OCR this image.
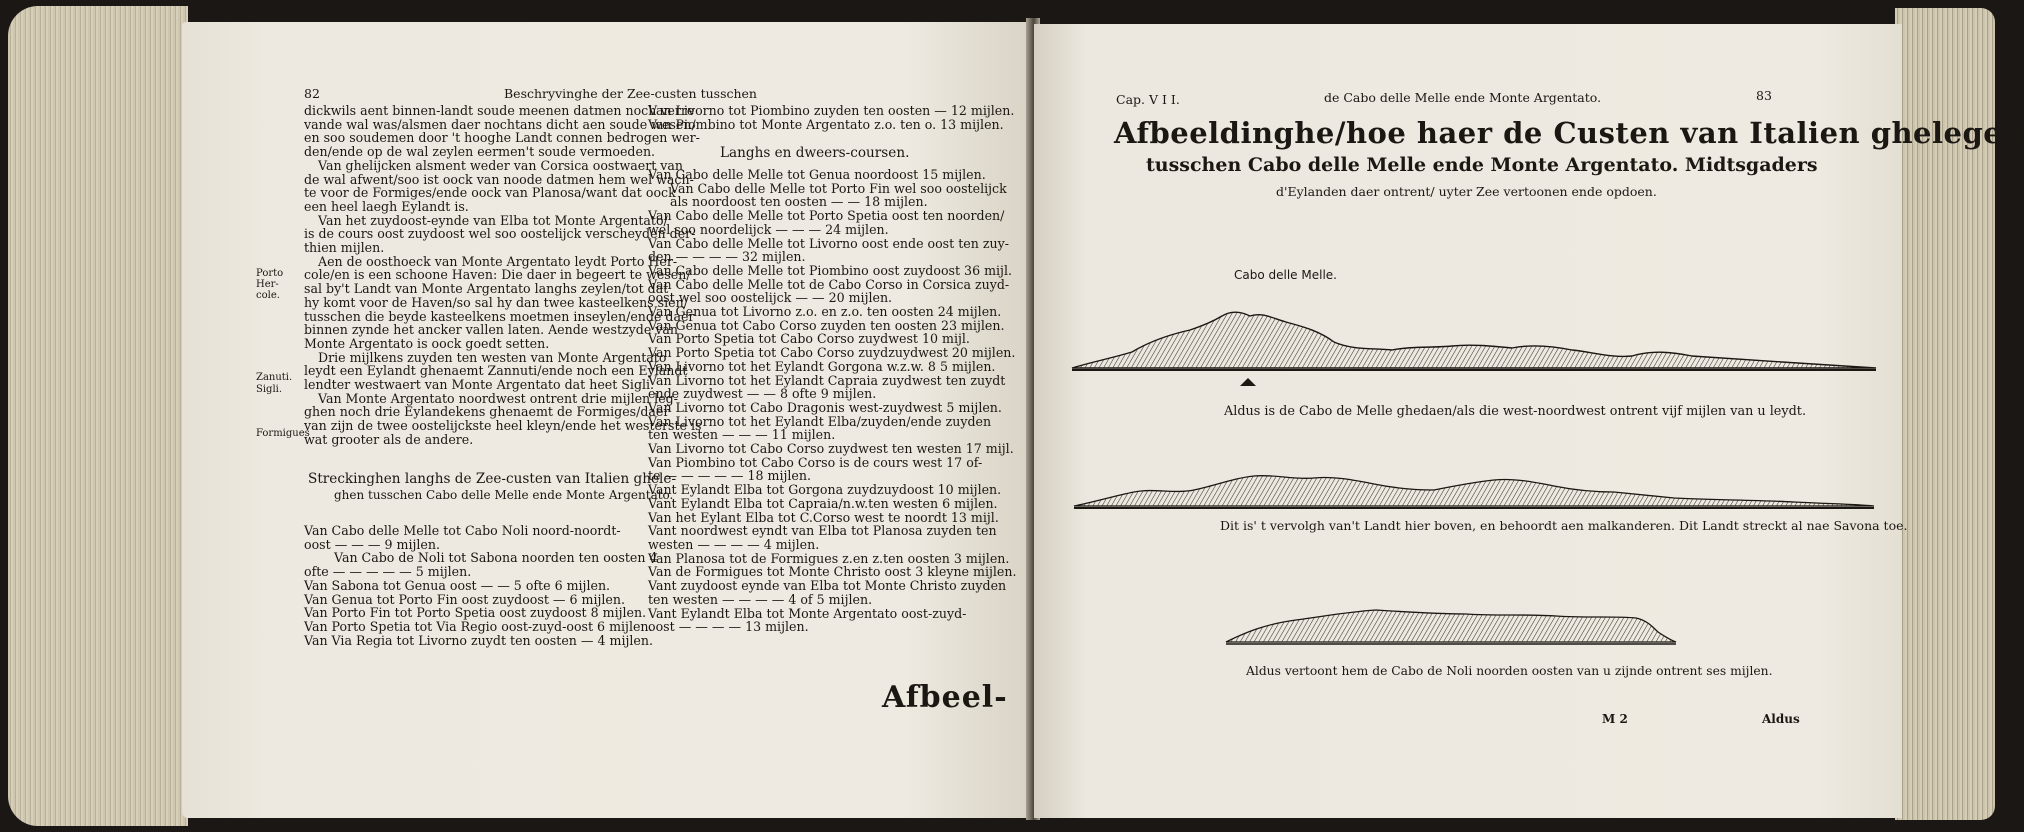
82	Beschryvinghe der Zee-custen tusschen
dickwils aent binnen-landt soude meenen datmen noch verre
vande wal was/alsmen daer nochtans dicht aen soude wesen/
en soo soudemen door 't hooghe Landt connen bedrogen wer-
den/ende op de wal zeylen eermen't soude vermoeden.
Van ghelijcken alsment weder van Corsica oostwaert van
de wal afwent/soo ist oock van noode datmen hem wel wach-
te voor de Formiges/ende oock van Planosa/want dat oock
een heel laegh Eylandt is.
Van het zuydoost-eynde van Elba tot Monte Argentato/
is de cours oost zuydoost wel soo oostelijck verscheyden der-
thien mijlen.
Aen de oosthoeck van Monte Argentato leydt Porto Her-
cole/en is een schoone Haven: Die daer in begeert te wesen/
sal by't Landt van Monte Argentato langhs zeylen/tot dat
hy komt voor de Haven/so sal hy dan twee kasteelkens sien/
tusschen die beyde kasteelkens moetmen inseylen/ende daer
binnen zynde het ancker vallen laten. Aende westzyde van
Monte Argentato is oock goedt setten.
Drie mijlkens zuyden ten westen van Monte Argentato
leydt een Eylandt ghenaemt Zannuti/ende noch een Eylandt
lendter westwaert van Monte Argentato dat heet Sigli.
Van Monte Argentato noordwest ontrent drie mijlen leg-
ghen noch drie Eylandekens ghenaemt de Formiges/daer
van zijn de twee oostelijckste heel kleyn/ende het westerste is
wat grooter als de andere.
Porto Her-cole.
Zanuti.
Sigli.
Formigues
Streckinghen langhs de Zee-custen van Italien ghele-
ghen tusschen Cabo delle Melle ende Monte Argentato.
Van Cabo delle Melle tot Cabo Noli noord-noordt-
oost — — — 9 mijlen.
Van Cabo de Noli tot Sabona noorden ten oosten 4
ofte — — — — — 5 mijlen.
Van Sabona tot Genua oost — — 5 ofte 6 mijlen.
Van Genua tot Porto Fin oost zuydoost — 6 mijlen.
Van Porto Fin tot Porto Spetia oost zuydoost 8 mijlen.
Van Porto Spetia tot Via Regio oost-zuyd-oost 6 mijlen.
Van Via Regia tot Livorno zuydt ten oosten — 4 mijlen.
Van Livorno tot Piombino zuyden ten oosten — 12 mijlen.
Van Piombino tot Monte Argentato z.o. ten o. 13 mijlen.
Langhs en dweers-coursen.
Van Cabo delle Melle tot Genua noordoost 15 mijlen.
Van Cabo delle Melle tot Porto Fin wel soo oostelijck
als noordoost ten oosten — — 18 mijlen.
Van Cabo delle Melle tot Porto Spetia oost ten noorden/
wel soo noordelijck — — — 24 mijlen.
Van Cabo delle Melle tot Livorno oost ende oost ten zuy-
den — — — — 32 mijlen.
Van Cabo delle Melle tot Piombino oost zuydoost 36 mijl.
Van Cabo delle Melle tot de Cabo Corso in Corsica zuyd-
oost wel soo oostelijck — — 20 mijlen.
Van Genua tot Livorno z.o. en z.o. ten oosten 24 mijlen.
Van Genua tot Cabo Corso zuyden ten oosten 23 mijlen.
Van Porto Spetia tot Cabo Corso zuydwest 10 mijl.
Van Porto Spetia tot Cabo Corso zuydzuydwest 20 mijlen.
Van Livorno tot het Eylandt Gorgona w.z.w. 8 5 mijlen.
Van Livorno tot het Eylandt Capraia zuydwest ten zuydt
ende zuydwest — — 8 ofte 9 mijlen.
Van Livorno tot Cabo Dragonis west-zuydwest 5 mijlen.
Van Livorno tot het Eylandt Elba/zuyden/ende zuyden
ten westen — — — 11 mijlen.
Van Livorno tot Cabo Corso zuydwest ten westen 17 mijl.
Van Piombino tot Cabo Corso is de cours west 17 of-
te — — — — — 18 mijlen.
Vant Eylandt Elba tot Gorgona zuydzuydoost 10 mijlen.
Vant Eylandt Elba tot Capraia/n.w.ten westen 6 mijlen.
Van het Eylant Elba tot C.Corso west te noordt 13 mijl.
Vant noordwest eyndt van Elba tot Planosa zuyden ten
westen — — — — 4 mijlen.
Van Planosa tot de Formigues z.en z.ten oosten 3 mijlen.
Van de Formigues tot Monte Christo oost 3 kleyne mijlen.
Vant zuydoost eynde van Elba tot Monte Christo zuyden
ten westen — — — — 4 of 5 mijlen.
Vant Eylandt Elba tot Monte Argentato oost-zuyd-
oost — — — — 13 mijlen.
Afbeel-
Cap. V I I.	de Cabo delle Melle ende Monte Argentato.	83
Afbeeldinghe/hoe haer de Custen van Italien ghelegen
tusschen Cabo delle Melle ende Monte Argentato. Midtsgaders
d'Eylanden daer ontrent/ uyter Zee vertoonen ende opdoen.
Cabo delle Melle.
Aldus is de Cabo de Melle ghedaen/als die west-noordwest ontrent vijf mijlen van u leydt.
Dit is' t vervolgh van't Landt hier boven, en behoordt aen malkanderen. Dit Landt streckt al nae Savona toe.
Aldus vertoont hem de Cabo de Noli noorden oosten van u zijnde ontrent ses mijlen.
M 2	Aldus
